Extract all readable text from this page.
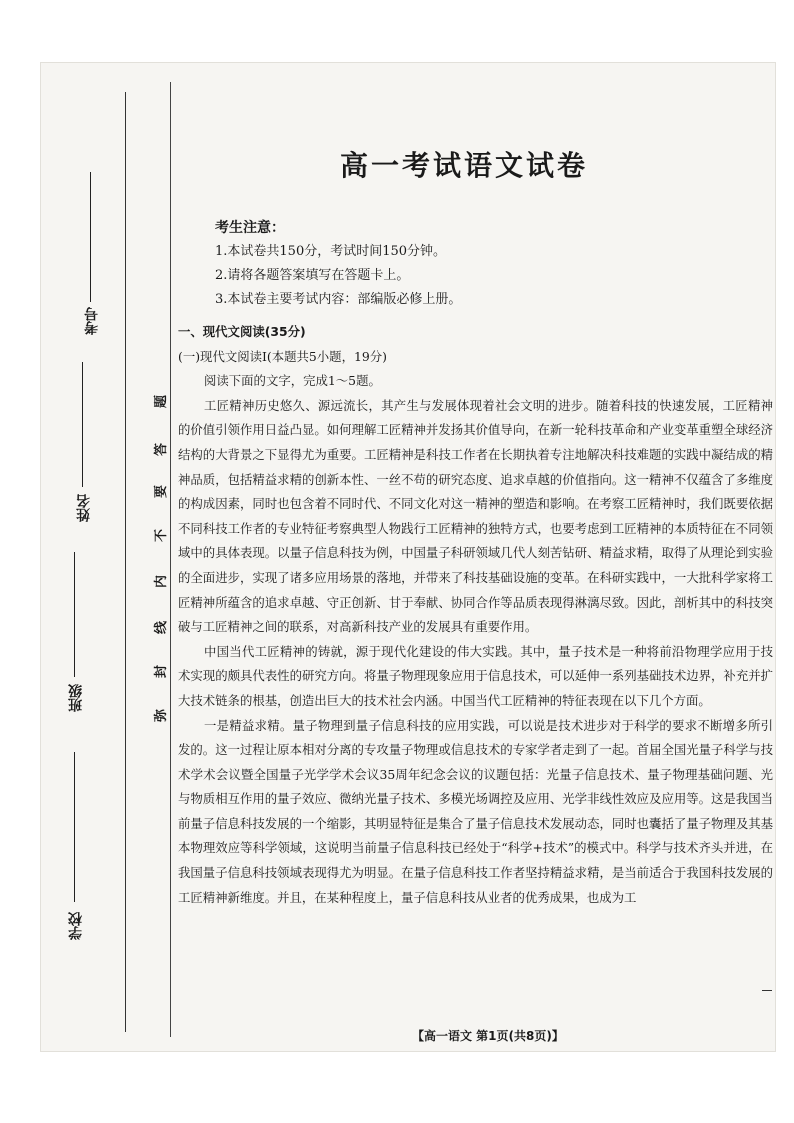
考号
姓名
班级
学校
题
答
要
不
内
线
封
弥
高一考试语文试卷
考生注意：
1.本试卷共150分，考试时间150分钟。
2.请将各题答案填写在答题卡上。
3.本试卷主要考试内容：部编版必修上册。

一、现代文阅读(35分)

(一)现代文阅读Ⅰ(本题共5小题，19分)

阅读下面的文字，完成1～5题。

工匠精神历史悠久、源远流长，其产生与发展体现着社会文明的进步。随着科技的快速发展，工匠精神的价值引领作用日益凸显。如何理解工匠精神并发扬其价值导向，在新一轮科技革命和产业变革重塑全球经济结构的大背景之下显得尤为重要。工匠精神是科技工作者在长期执着专注地解决科技难题的实践中凝结成的精神品质，包括精益求精的创新本性、一丝不苟的研究态度、追求卓越的价值指向。这一精神不仅蕴含了多维度的构成因素，同时也包含着不同时代、不同文化对这一精神的塑造和影响。在考察工匠精神时，我们既要依据不同科技工作者的专业特征考察典型人物践行工匠精神的独特方式，也要考虑到工匠精神的本质特征在不同领域中的具体表现。以量子信息科技为例，中国量子科研领域几代人刻苦钻研、精益求精，取得了从理论到实验的全面进步，实现了诸多应用场景的落地，并带来了科技基础设施的变革。在科研实践中，一大批科学家将工匠精神所蕴含的追求卓越、守正创新、甘于奉献、协同合作等品质表现得淋漓尽致。因此，剖析其中的科技突破与工匠精神之间的联系，对高新科技产业的发展具有重要作用。

中国当代工匠精神的铸就，源于现代化建设的伟大实践。其中，量子技术是一种将前沿物理学应用于技术实现的颇具代表性的研究方向。将量子物理现象应用于信息技术，可以延伸一系列基础技术边界，补充并扩大技术链条的根基，创造出巨大的技术社会内涵。中国当代工匠精神的特征表现在以下几个方面。

一是精益求精。量子物理到量子信息科技的应用实践，可以说是技术进步对于科学的要求不断增多所引发的。这一过程让原本相对分离的专攻量子物理或信息技术的专家学者走到了一起。首届全国光量子科学与技术学术会议暨全国量子光学学术会议35周年纪念会议的议题包括：光量子信息技术、量子物理基础问题、光与物质相互作用的量子效应、微纳光量子技术、多模光场调控及应用、光学非线性效应及应用等。这是我国当前量子信息科技发展的一个缩影，其明显特征是集合了量子信息技术发展动态，同时也囊括了量子物理及其基本物理效应等科学领域，这说明当前量子信息科技已经处于“科学+技术”的模式中。科学与技术齐头并进，在我国量子信息科技领域表现得尤为明显。在量子信息科技工作者坚持精益求精，是当前适合于我国科技发展的工匠精神新维度。并且，在某种程度上，量子信息科技从业者的优秀成果，也成为工

【高一语文 第1页(共8页)】
